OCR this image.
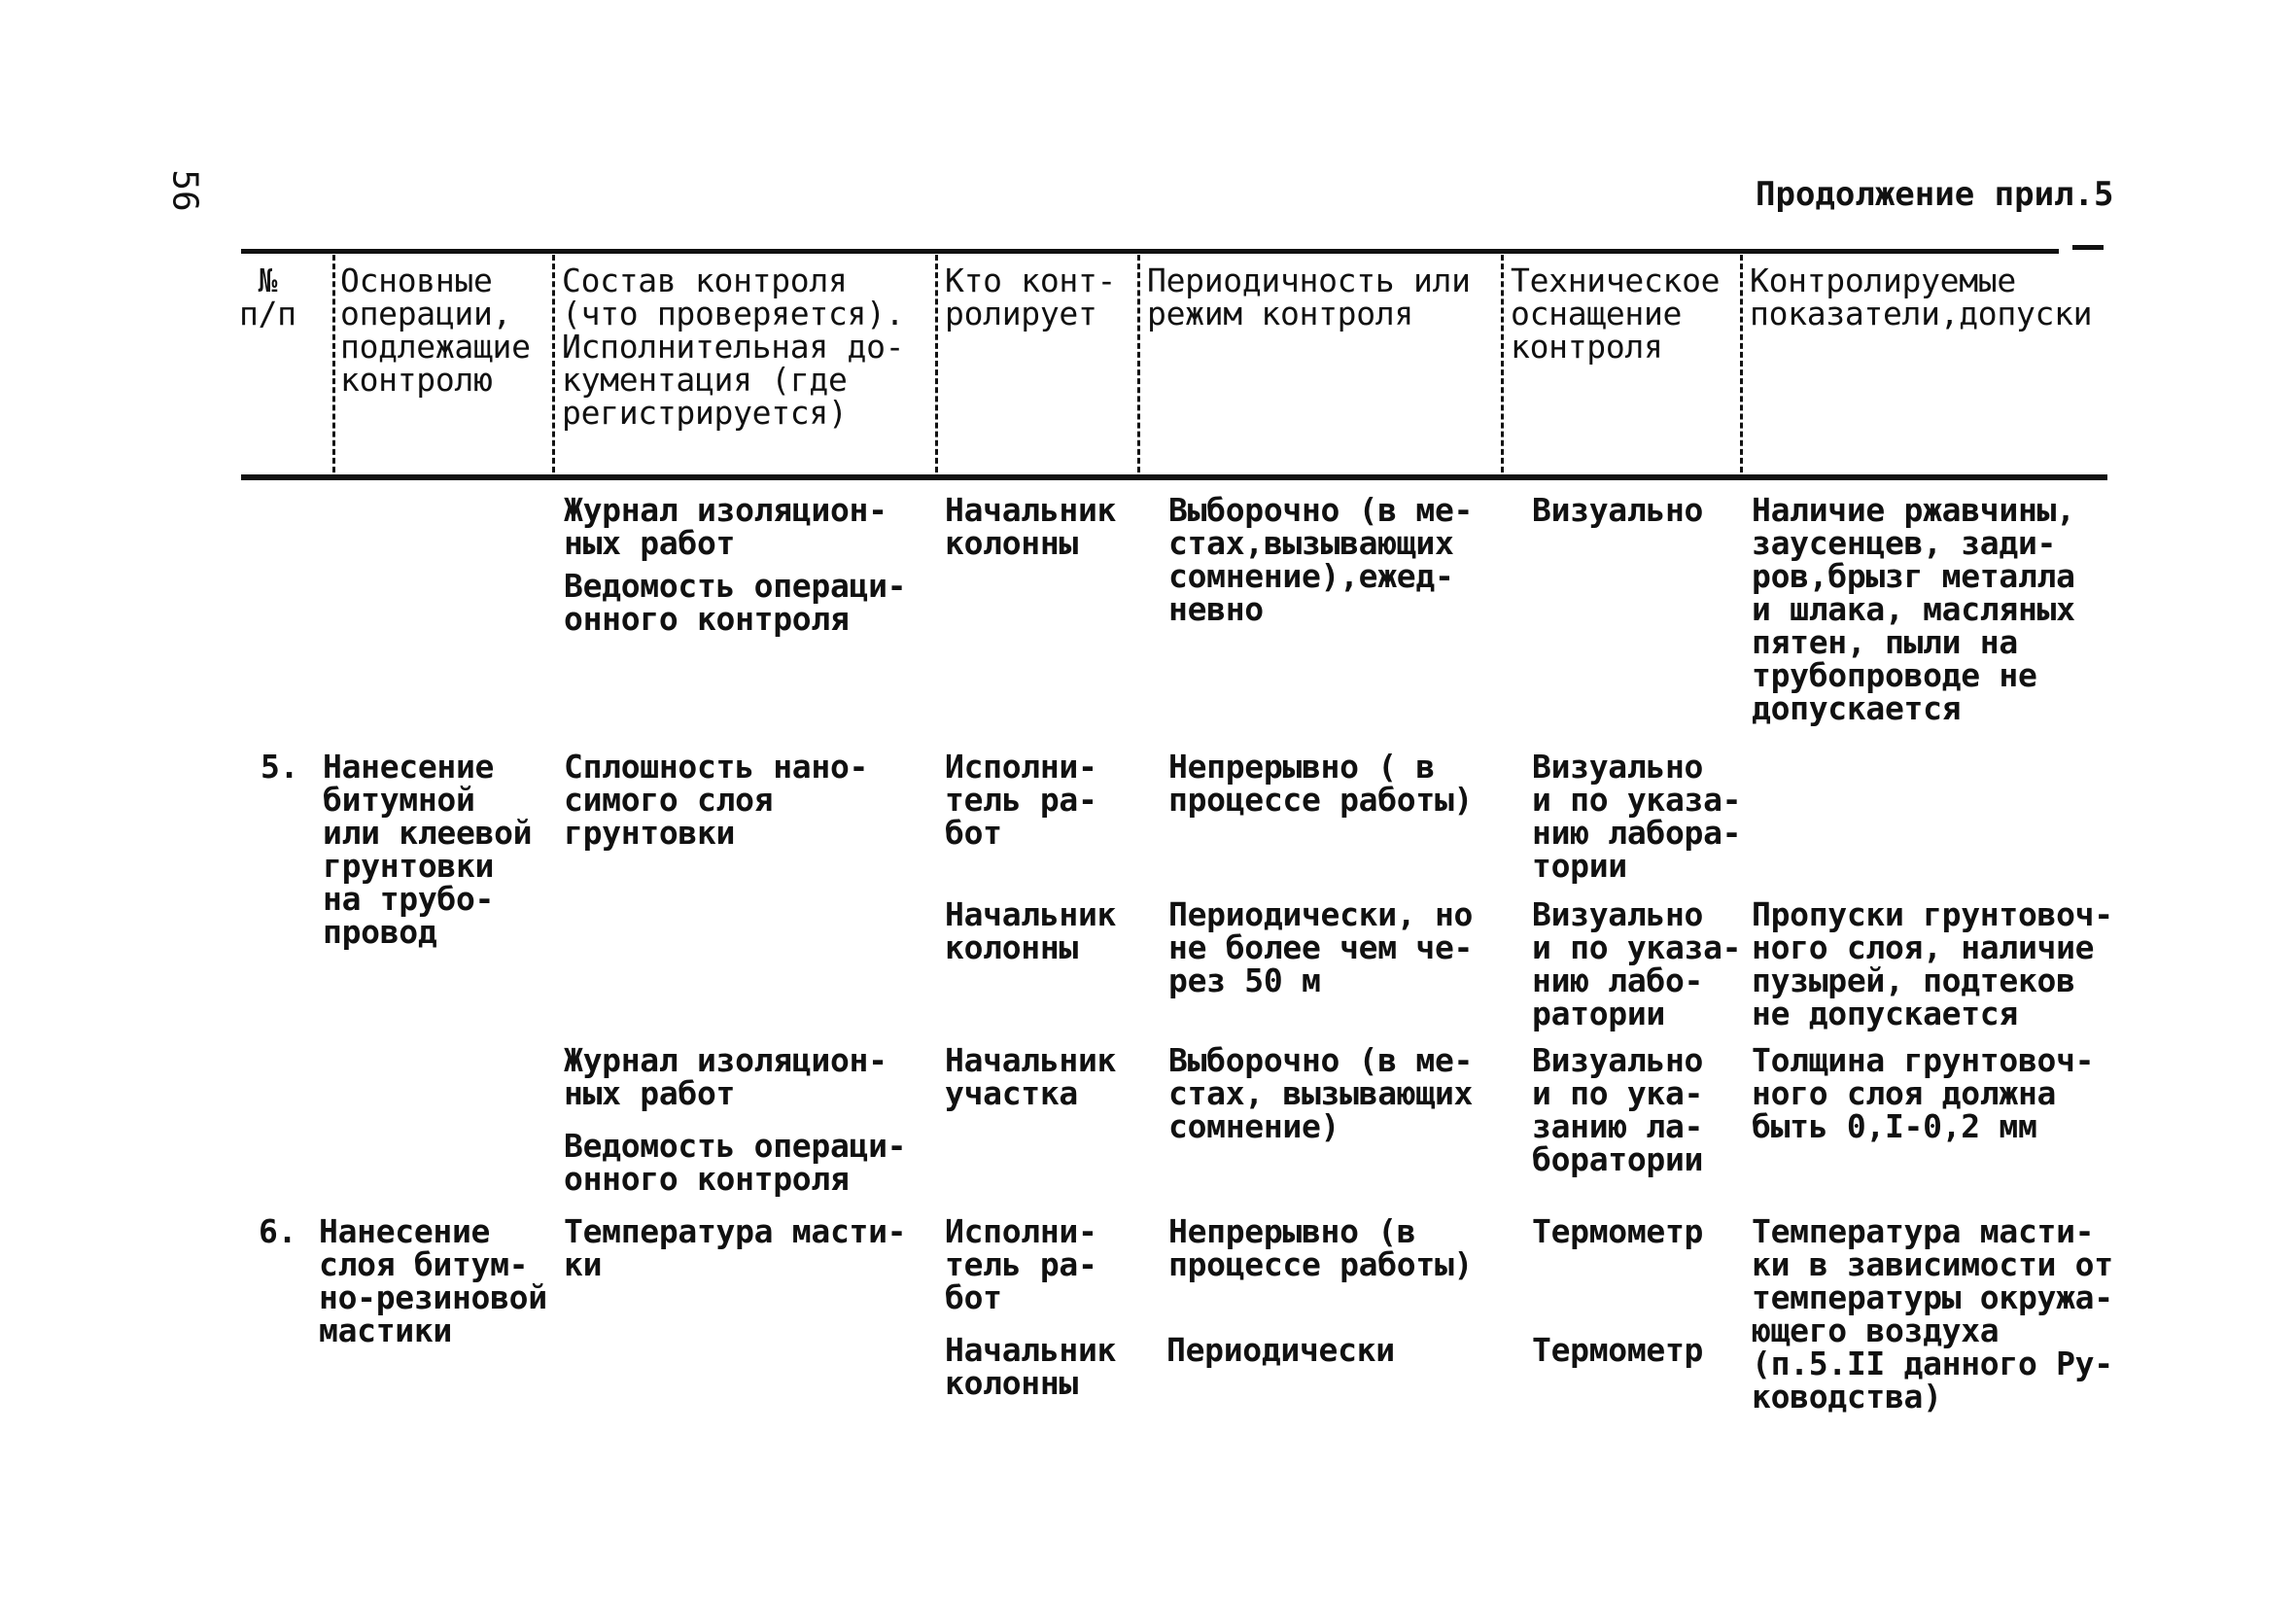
56	Продолжение прил.5
№
п/п
Основные
операции,
подлежащие
контролю
Состав контроля
(что проверяется).
Исполнительная до-
кументация (где
регистрируется)
Кто конт-
ролирует
Периодичность или
режим контроля
Техническое
оснащение
контроля
Контролируемые
показатели,допуски
Журнал изоляцион-
ных работ
Ведомость операци-
онного контроля
Начальник
колонны
Выборочно (в ме-
стах,вызывающих
сомнение),ежед-
невно
Визуально Наличие ржавчины,
заусенцев, зади-
ров,брызг металла
и шлака, масляных
пятен, пыли на
трубопроводе не
допускается
5. Нанесение
битумной
или клеевой
грунтовки
на трубо-
провод
Сплошность нано-
симого слоя
грунтовки
Исполни-
тель ра-
бот
Непрерывно ( в
процессе работы)
Визуально
и по указа-
нию лабора-
тории
Начальник
колонны
Периодически, но
не более чем че-
рез 50 м
Визуально
и по указа-
нию лабо-
ратории
Пропуски грунтовоч-
ного слоя, наличие
пузырей, подтеков
не допускается
Журнал изоляцион-
ных работ
Ведомость операци-
онного контроля
Начальник
участка
Выборочно (в ме-
стах, вызывающих
сомнение)
Визуально
и по ука-
занию ла-
боратории
Толщина грунтовоч-
ного слоя должна
быть 0,I-0,2 мм
6. Нанесение
слоя битум-
но-резиновой
мастики
Температура масти-
ки
Исполни-
тель ра-
бот
Непрерывно (в
процессе работы)
Термометр Температура масти-
ки в зависимости от
температуры окружа-
ющего воздуха
(п.5.II данного Ру-
ководства)
Начальник
колонны
Периодически	Термометр
